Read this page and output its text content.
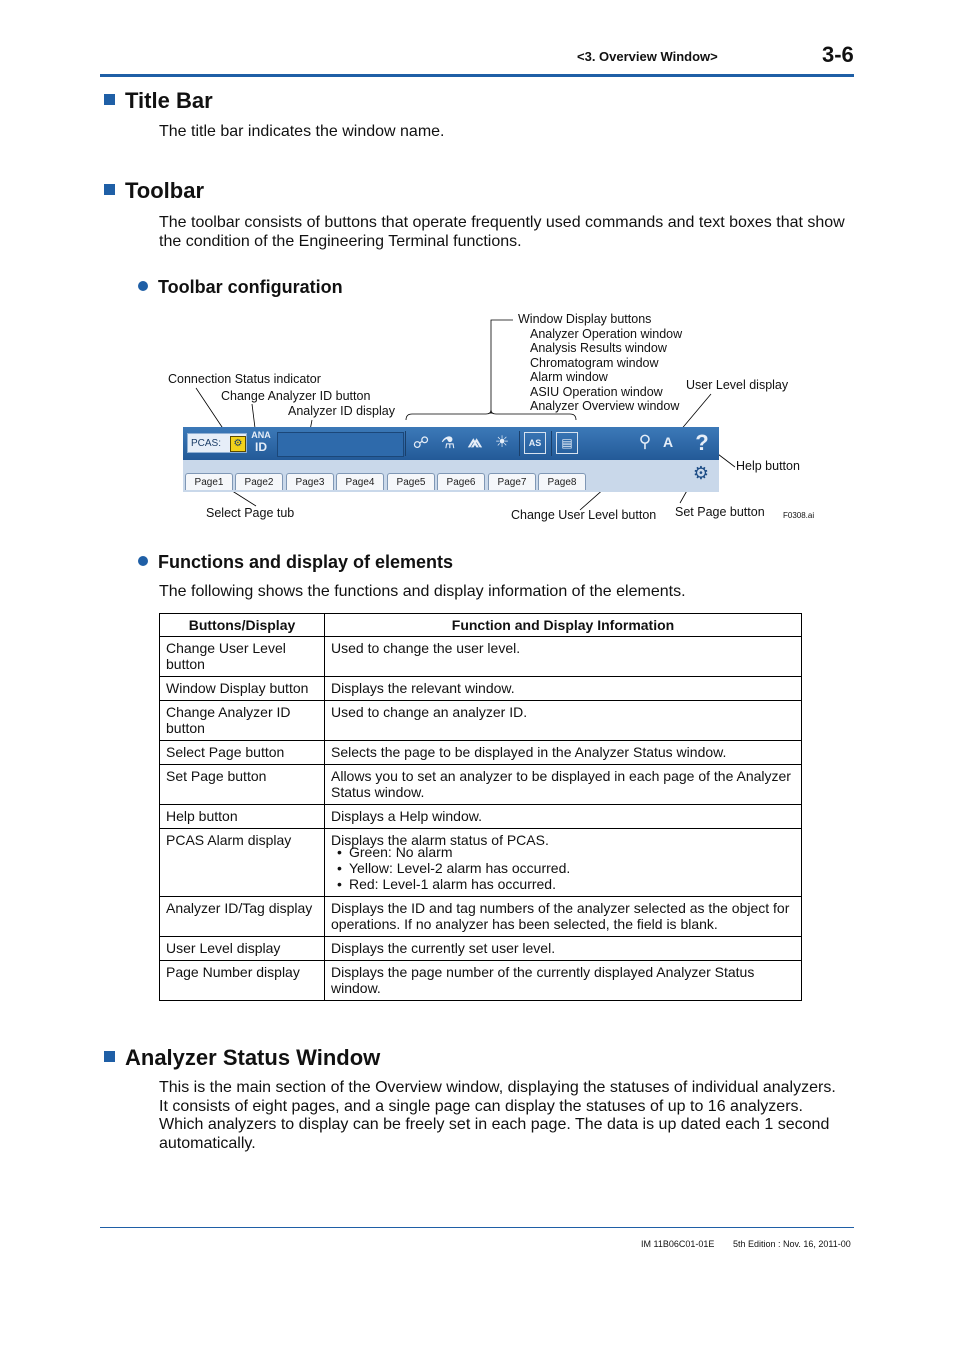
<3. Overview Window>	3-6
Title Bar
The title bar indicates the window name.
Toolbar
The toolbar consists of buttons that operate frequently used commands and text boxes that show the condition of the Engineering Terminal functions.
Toolbar configuration
Window Display buttons
Analyzer Operation window
Analysis Results window
Chromatogram window
Alarm window
ASIU Operation window
Analyzer Overview window
User Level display
Connection Status indicator
Change Analyzer ID button
Analyzer ID display
Help button
Select Page tub	Change User Level button Set Page button F0308.ai
PCAS:	⚙
ANA
ID	☍ ⚗ ⩕ ☀	AS	▤	⚲ A ?
⚙
Page1	Page2	Page3	Page4	Page5	Page6	Page7	Page8
Functions and display of elements
The following shows the functions and display information of the elements.
Buttons/Display	Function and Display Information
Change User Level button	Used to change the user level.
Window Display button	Displays the relevant window.
Change Analyzer ID button	Used to change an analyzer ID.
Select Page button	Selects the page to be displayed in the Analyzer Status window.
Set Page button	Allows you to set an analyzer to be displayed in each page of the Analyzer Status window.
Help button	Displays a Help window.
PCAS Alarm display	Displays the alarm status of PCAS.
• Green: No alarm
• Yellow: Level-2 alarm has occurred.
• Red: Level-1 alarm has occurred.

Analyzer ID/Tag display	Displays the ID and tag numbers of the analyzer selected as the object for operations. If no analyzer has been selected, the field is blank.
User Level display	Displays the currently set user level.
Page Number display	Displays the page number of the currently displayed Analyzer Status window.
Analyzer Status Window
This is the main section of the Overview window, displaying the statuses of individual analyzers. It consists of eight pages, and a single page can display the statuses of up to 16 analyzers. Which analyzers to display can be freely set in each page. The data is up dated each 1 second automatically.
IM 11B06C01-01E 5th Edition : Nov. 16, 2011-00
